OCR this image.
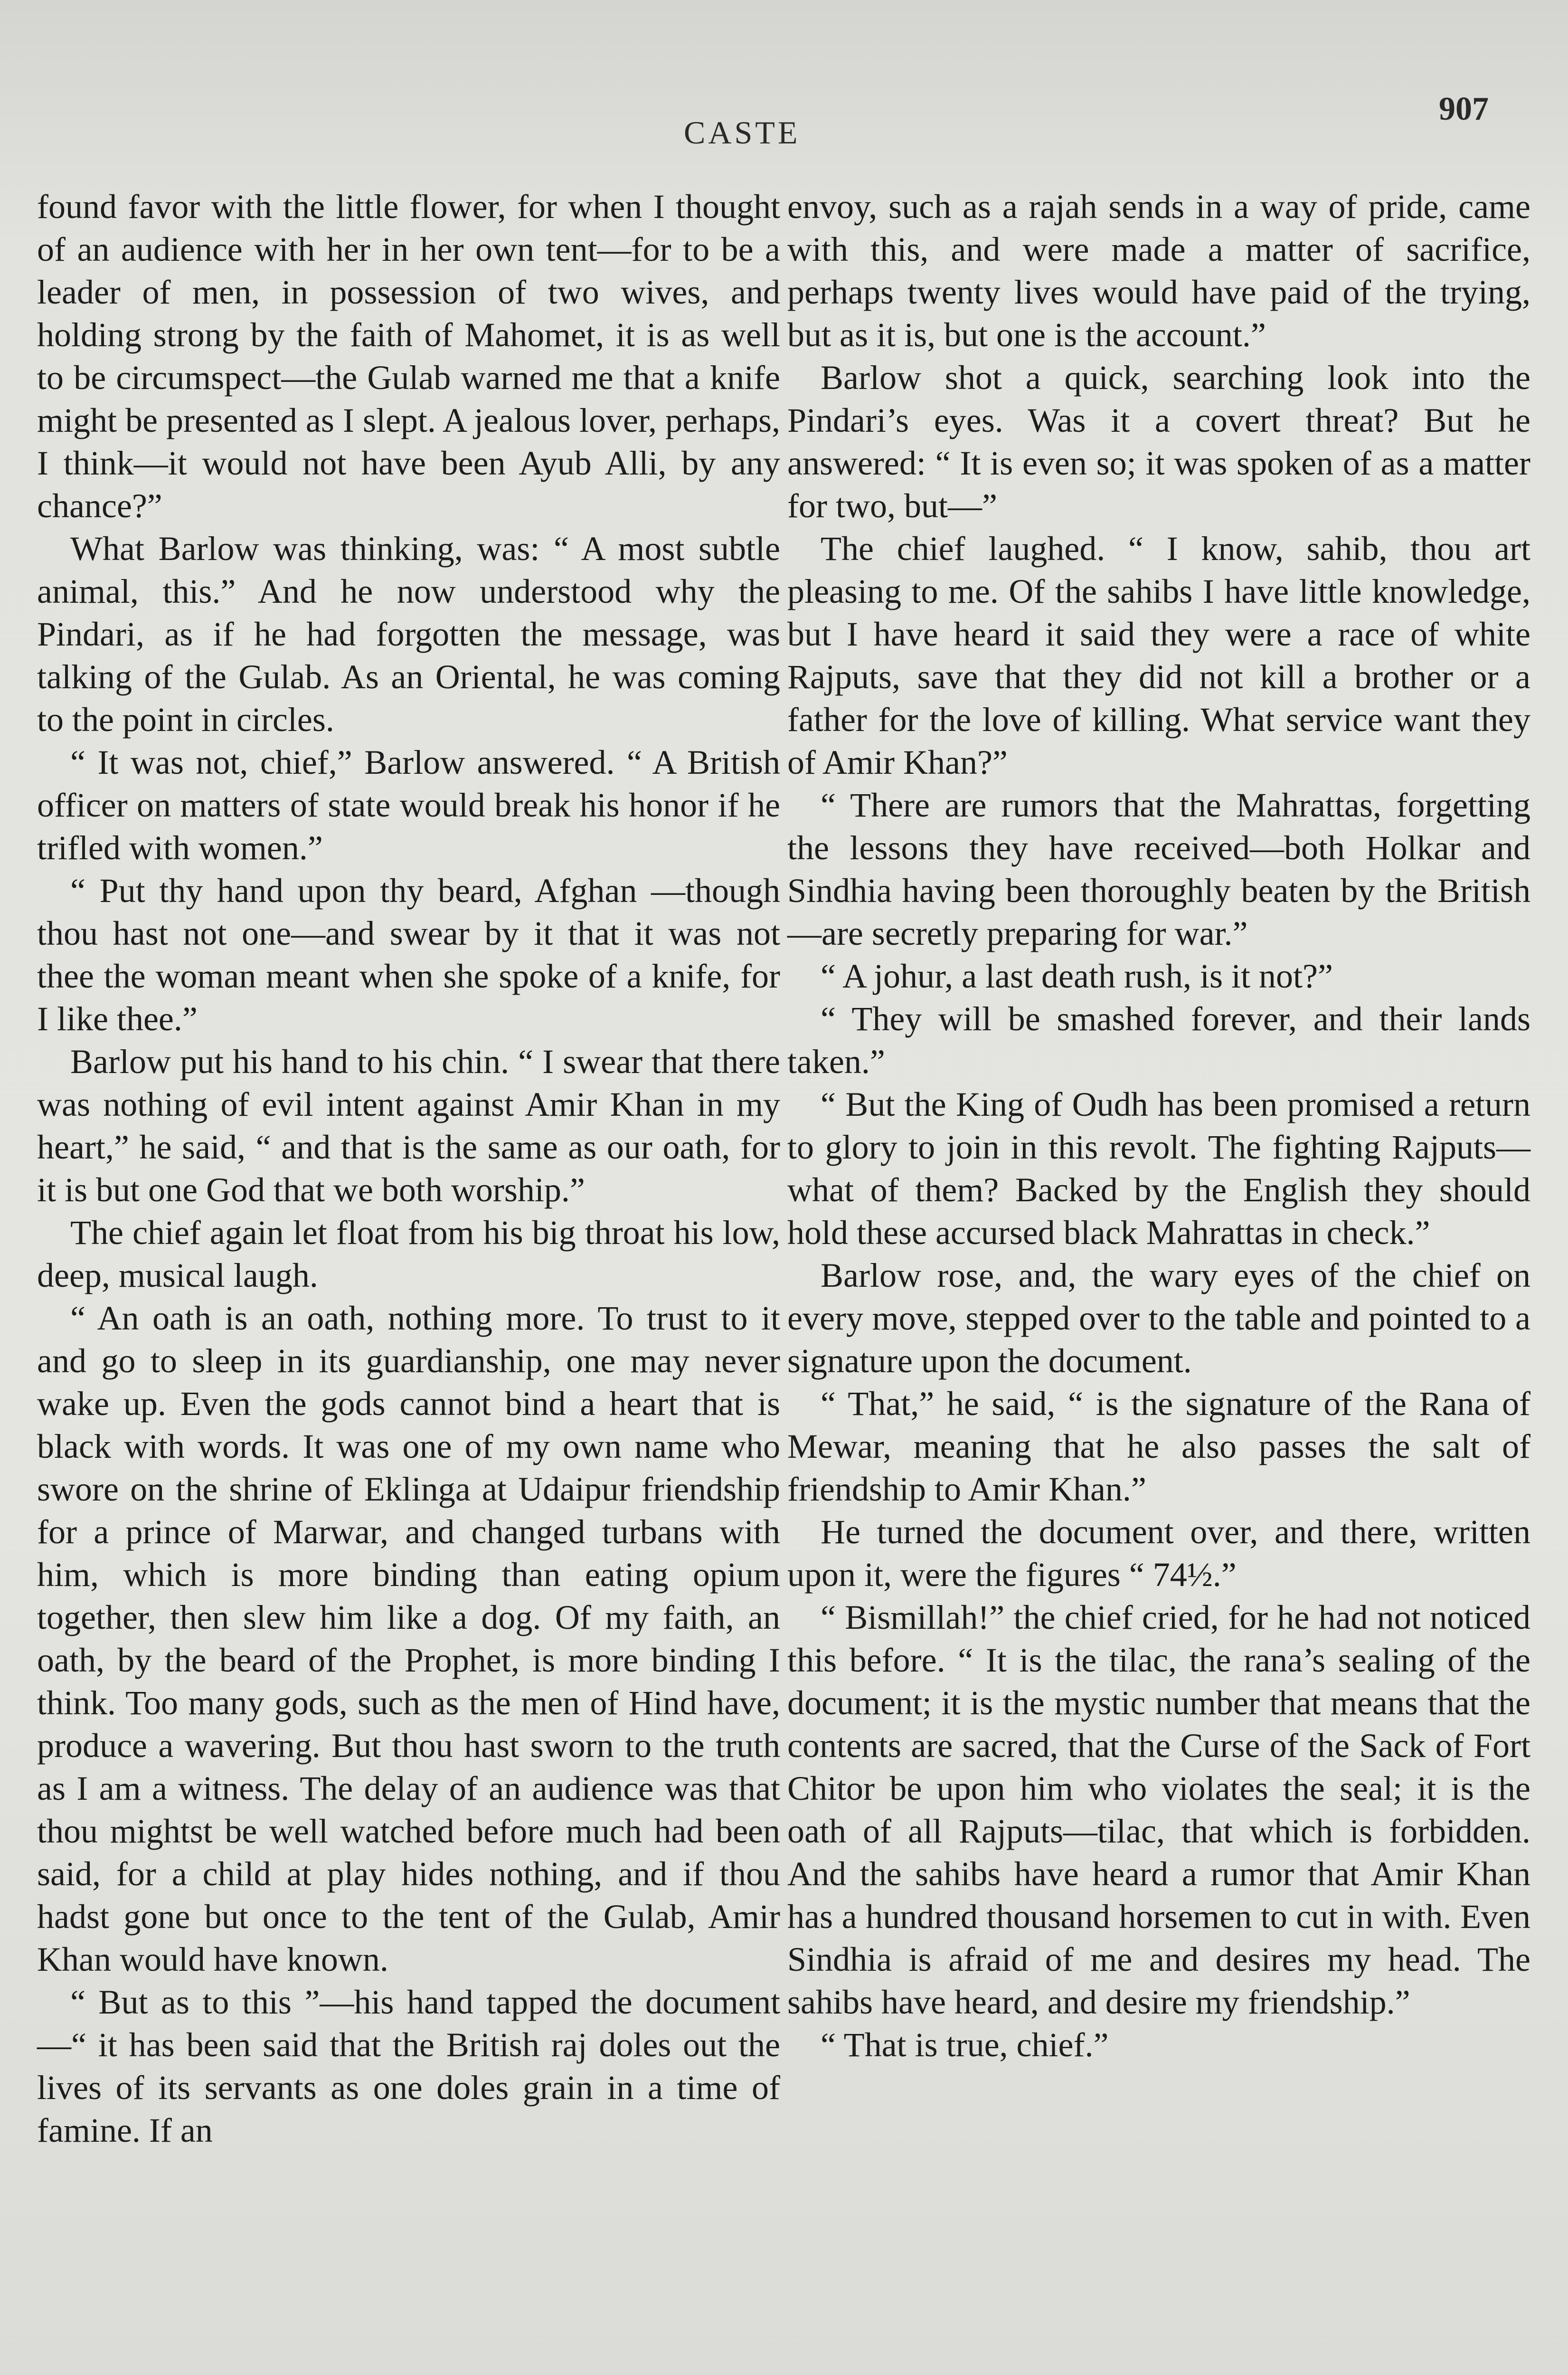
CASTE
907

found favor with the little flower, for when I thought of an audience with her in her own tent—for to be a leader of men, in possession of two wives, and holding strong by the faith of Mahomet, it is as well to be circumspect—the Gulab warned me that a knife might be presented as I slept. A jealous lover, perhaps, I think—it would not have been Ayub Alli, by any chance?”

What Barlow was thinking, was: “ A most subtle animal, this.” And he now understood why the Pindari, as if he had forgotten the message, was talking of the Gulab. As an Oriental, he was coming to the point in circles.

“ It was not, chief,” Barlow answered. “ A British officer on matters of state would break his honor if he trifled with women.”

“ Put thy hand upon thy beard, Afghan —though thou hast not one—and swear by it that it was not thee the woman meant when she spoke of a knife, for I like thee.”

Barlow put his hand to his chin. “ I swear that there was nothing of evil intent against Amir Khan in my heart,” he said, “ and that is the same as our oath, for it is but one God that we both worship.”

The chief again let float from his big throat his low, deep, musical laugh.

“ An oath is an oath, nothing more. To trust to it and go to sleep in its guardianship, one may never wake up. Even the gods cannot bind a heart that is black with words. It was one of my own name who swore on the shrine of Eklinga at Udaipur friendship for a prince of Marwar, and changed turbans with him, which is more binding than eating opium together, then slew him like a dog. Of my faith, an oath, by the beard of the Prophet, is more binding I think. Too many gods, such as the men of Hind have, produce a wavering. But thou hast sworn to the truth as I am a witness. The delay of an audience was that thou mightst be well watched before much had been said, for a child at play hides nothing, and if thou hadst gone but once to the tent of the Gulab, Amir Khan would have known.

“ But as to this ”—his hand tapped the document—“ it has been said that the British raj doles out the lives of its servants as one doles grain in a time of famine. If an

envoy, such as a rajah sends in a way of pride, came with this, and were made a matter of sacrifice, perhaps twenty lives would have paid of the trying, but as it is, but one is the account.”

Barlow shot a quick, searching look into the Pindari’s eyes. Was it a covert threat? But he answered: “ It is even so; it was spoken of as a matter for two, but—”

The chief laughed. “ I know, sahib, thou art pleasing to me. Of the sahibs I have little knowledge, but I have heard it said they were a race of white Rajputs, save that they did not kill a brother or a father for the love of killing. What service want they of Amir Khan?”

“ There are rumors that the Mahrattas, forgetting the lessons they have received—both Holkar and Sindhia having been thoroughly beaten by the British—are secretly preparing for war.”

“ A johur, a last death rush, is it not?”

“ They will be smashed forever, and their lands taken.”

“ But the King of Oudh has been promised a return to glory to join in this revolt. The fighting Rajputs—what of them? Backed by the English they should hold these accursed black Mahrattas in check.”

Barlow rose, and, the wary eyes of the chief on every move, stepped over to the table and pointed to a signature upon the document.

“ That,” he said, “ is the signature of the Rana of Mewar, meaning that he also passes the salt of friendship to Amir Khan.”

He turned the document over, and there, written upon it, were the figures “ 74½.”

“ Bismillah!” the chief cried, for he had not noticed this before. “ It is the tilac, the rana’s sealing of the document; it is the mystic number that means that the contents are sacred, that the Curse of the Sack of Fort Chitor be upon him who violates the seal; it is the oath of all Rajputs—tilac, that which is forbidden. And the sahibs have heard a rumor that Amir Khan has a hundred thousand horsemen to cut in with. Even Sindhia is afraid of me and desires my head. The sahibs have heard, and desire my friendship.”

“ That is true, chief.”
